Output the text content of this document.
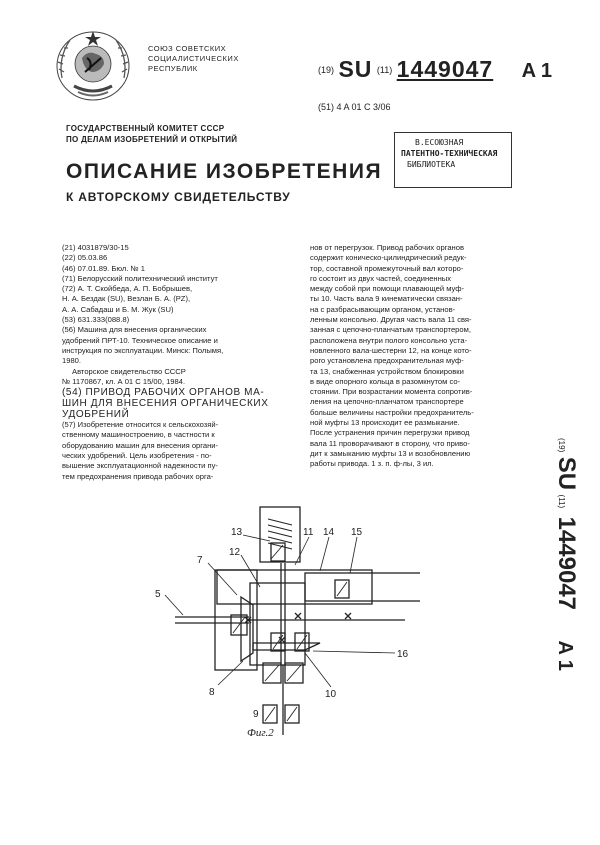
СОЮЗ СОВЕТСКИХ
СОЦИАЛИСТИЧЕСКИХ
РЕСПУБЛИК	$^{(19)}$ SU $^{(11)}$ 1449047 A 1
(51) 4 A 01 C 3/06
ГОСУДАРСТВЕННЫЙ КОМИТЕТ СССР
ПО ДЕЛАМ ИЗОБРЕТЕНИЙ И ОТКРЫТИЙ	В.ЕСОЮЗНАЯ
ПАТЕНТНО-ТЕХНИЧЕСКАЯ
БИБЛИОТЕКА
ОПИСАНИЕ ИЗОБРЕТЕНИЯ
К АВТОРСКОМУ СВИДЕТЕЛЬСТВУ

(21) 4031879/30-15

(22) 05.03.86

(46) 07.01.89. Бюл. № 1

(71) Белорусский политехнический институт

(72) А. Т. Скойбеда, А. П. Бобрышев,

Н. А. Бездак (SU), Везлан Б. А. (PZ),

А. А. Сабадаш и Б. М. Жук (SU)

(53) 631.333(088.8)

(56) Машина для внесения органических

удобрений ПРТ-10. Техническое описание и

инструкция по эксплуатации. Минск: Полымя,

1980.

Авторское свидетельство СССР

№ 1170867, кл. А 01 С 15/00, 1984.

(54) ПРИВОД РАБОЧИХ ОРГАНОВ МА-

ШИН ДЛЯ ВНЕСЕНИЯ ОРГАНИЧЕСКИХ

УДОБРЕНИЙ

(57) Изобретение относится к сельскохозяй-

ственному машиностроению, в частности к

оборудованию машин для внесения органи-

ческих удобрений. Цель изобретения - по-

вышение эксплуатационной надежности пу-

тем предохранения привода рабочих орга-

нов от перегрузок. Привод рабочих органов

содержит коническо-цилиндрический редук-

тор, составной промежуточный вал которо-

го состоит из двух частей, соединенных

между собой при помощи плавающей муф-

ты 10. Часть вала 9 кинематически связан-

на с разбрасывающим органом, установ-

ленным консольно. Другая часть вала 11 свя-

занная с цепочно-планчатым транспортером,

расположена внутри полого консольно уста-

новленного вала-шестерни 12, на конце кото-

рого установлена предохранительная муф-

та 13, снабженная устройством блокировки

в виде опорного кольца в разомкнутом со-

стоянии. При возрастании момента сопротив-

ления на цепочно-планчатом транспортере

больше величины настройки предохранитель-

ной муфты 13 происходит ее размыкание.

После устранения причин перегрузки привод

вала 11 проворачивают в сторону, что приво-

дит к замыканию муфты 13 и возобновлению

работы привода. 1 з. п. ф-лы, 3 ил.

(19) SU (11) 1449047 A 1
13	11 14 15
7
12
5
16
8	10
9
Фиг.2
